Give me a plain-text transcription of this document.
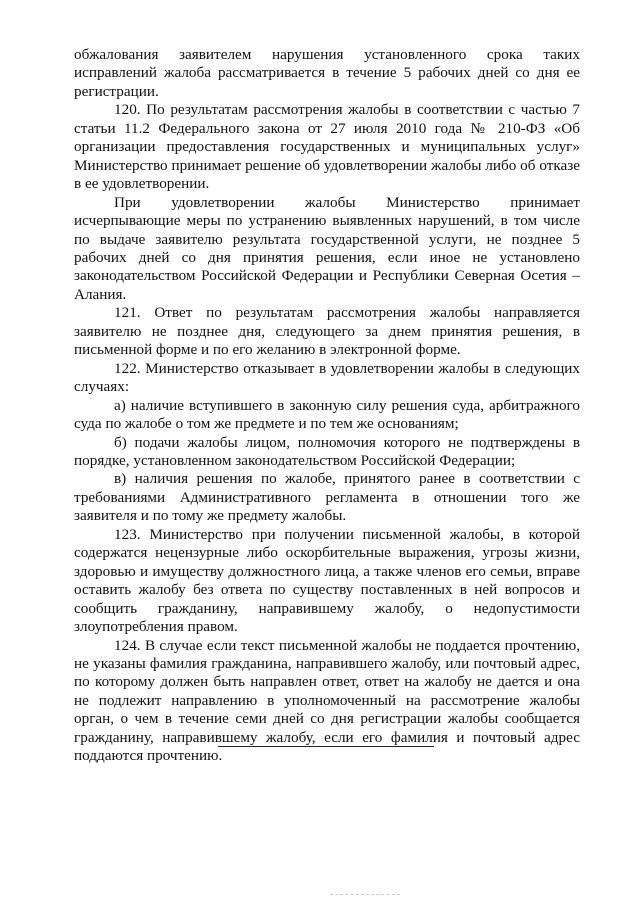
обжалования заявителем нарушения установленного срока таких исправлений жалоба рассматривается в течение 5 рабочих дней со дня ее регистрации.

120. По результатам рассмотрения жалобы в соответствии с частью 7 статьи 11.2 Федерального закона от 27 июля 2010 года № 210-ФЗ «Об организации предоставления государственных и муниципальных услуг» Министерство принимает решение об удовлетворении жалобы либо об отказе в ее удовлетворении.

При удовлетворении жалобы Министерство принимает исчерпывающие меры по устранению выявленных нарушений, в том числе по выдаче заявителю результата государственной услуги, не позднее 5 рабочих дней со дня принятия решения, если иное не установлено законодательством Российской Федерации и Республики Северная Осетия – Алания.

121. Ответ по результатам рассмотрения жалобы направляется заявителю не позднее дня, следующего за днем принятия решения, в письменной форме и по его желанию в электронной форме.

122. Министерство отказывает в удовлетворении жалобы в следующих случаях:

а) наличие вступившего в законную силу решения суда, арбитражного суда по жалобе о том же предмете и по тем же основаниям;

б) подачи жалобы лицом, полномочия которого не подтверждены в порядке, установленном законодательством Российской Федерации;

в) наличия решения по жалобе, принятого ранее в соответствии с требованиями Административного регламента в отношении того же заявителя и по тому же предмету жалобы.

123. Министерство при получении письменной жалобы, в которой содержатся нецензурные либо оскорбительные выражения, угрозы жизни, здоровью и имуществу должностного лица, а также членов его семьи, вправе оставить жалобу без ответа по существу поставленных в ней вопросов и сообщить гражданину, направившему жалобу, о недопустимости злоупотребления правом.

124. В случае если текст письменной жалобы не поддается прочтению, не указаны фамилия гражданина, направившего жалобу, или почтовый адрес, по которому должен быть направлен ответ, ответ на жалобу не дается и она не подлежит направлению в уполномоченный на рассмотрение жалобы орган, о чем в течение семи дней со дня регистрации жалобы сообщается гражданину, направившему жалобу, если его фамилия и почтовый адрес поддаются прочтению.
